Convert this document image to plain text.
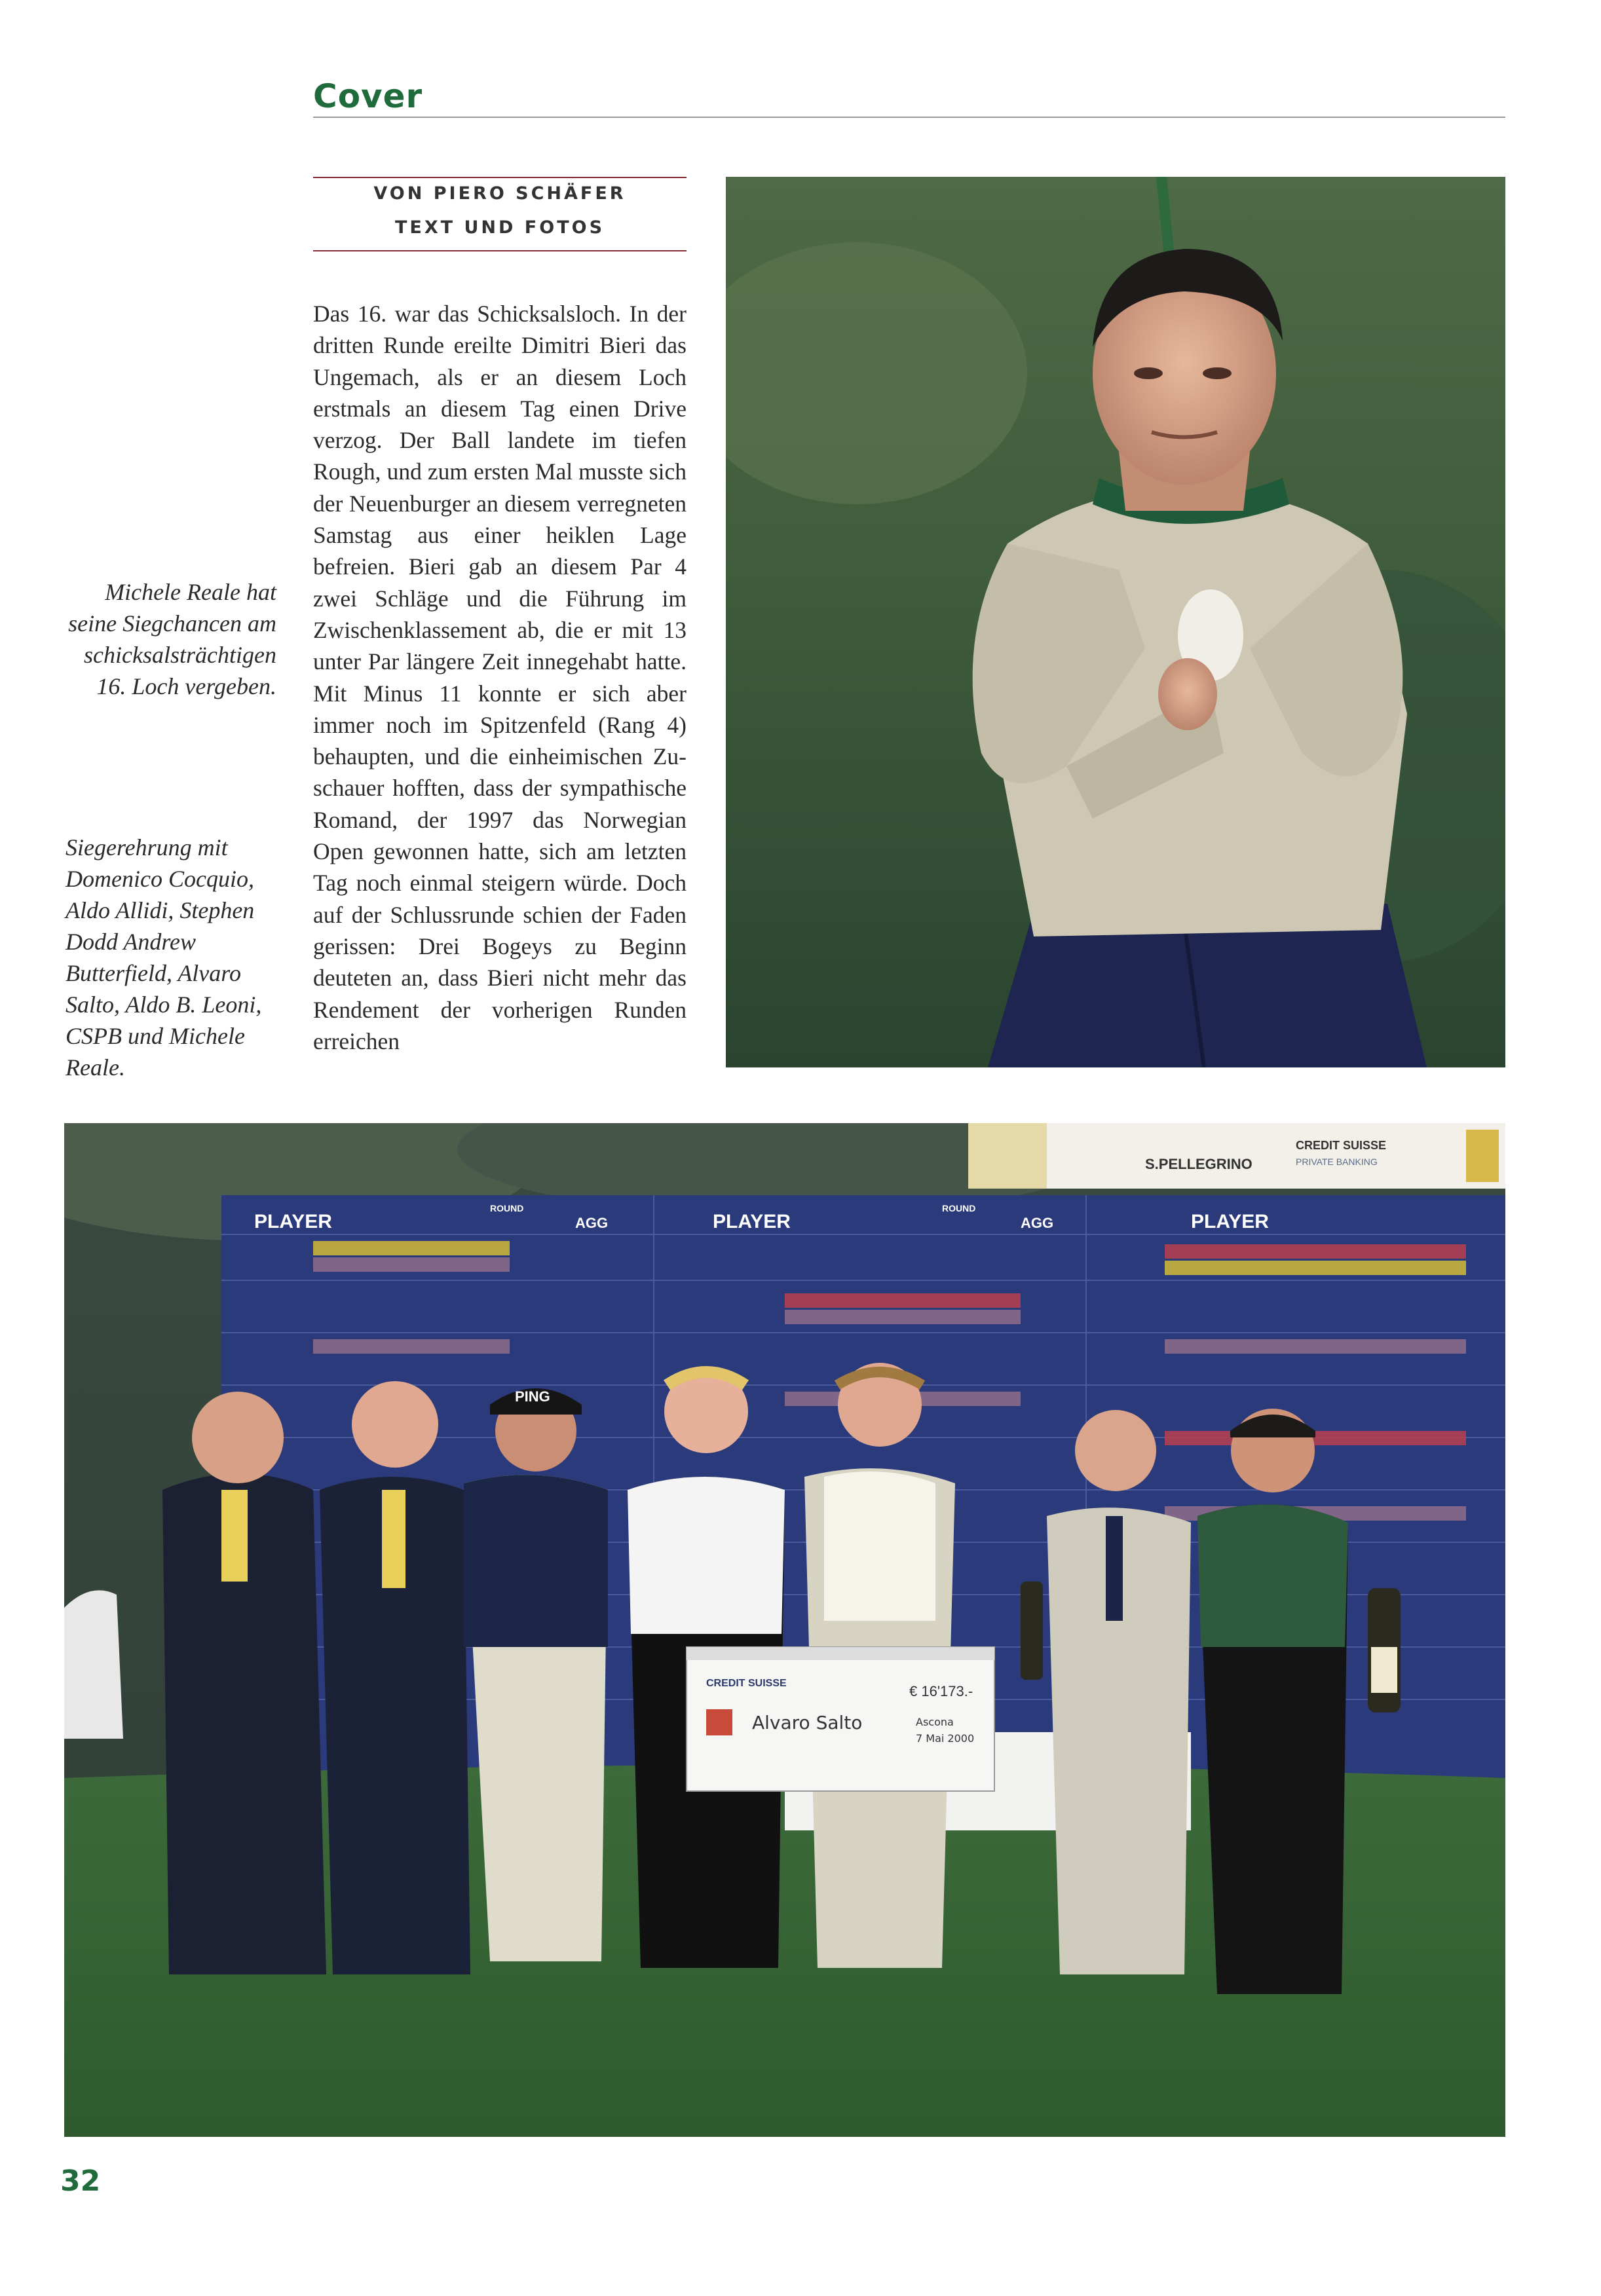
Cover
VON PIERO SCHÄFER
TEXT UND FOTOS

Das 16. war das Schicksalsloch. In der dritten Runde ereilte Dimitri Bieri das Ungemach, als er an diesem Loch erstmals an diesem Tag einen Drive verzog. Der Ball landete im tiefen Rough, und zum ersten Mal musste sich der Neuenburger an diesem verregneten Samstag aus einer heiklen Lage befreien. Bieri gab an diesem Par 4 zwei Schläge und die Führung im Zwischenklassement ab, die er mit 13 unter Par längere Zeit innegehabt hatte. Mit Minus 11 konnte er sich aber immer noch im Spitzenfeld (Rang 4) behaupten, und die einheimischen Zuschauer hofften, dass der sympathische Romand, der 1997 das Norwegian Open gewonnen hatte, sich am letzten Tag noch einmal steigern würde. Doch auf der Schlussrunde schien der Faden gerissen: Drei Bogeys zu Beginn deuteten an, dass Bieri nicht mehr das Rendement der vorherigen Runden erreichen

Michele Reale hat seine Siegchancen am schicksalsträchtigen 16. Loch vergeben.

Siegerehrung mit Domenico Cocquio, Aldo Allidi, Stephen Dodd Andrew Butterfield, Alvaro Salto, Aldo B. Leoni, CSPB und Michele Reale.

S.PELLEGRINO
CREDIT SUISSE
PRIVATE BANKING
PLAYER	PLAYER	PLAYER
AGG	AGG
ROUND	ROUND
PING
CREDIT SUISSE	€ 16'173.-
Alvaro Salto	Ascona
7 Mai 2000

32
